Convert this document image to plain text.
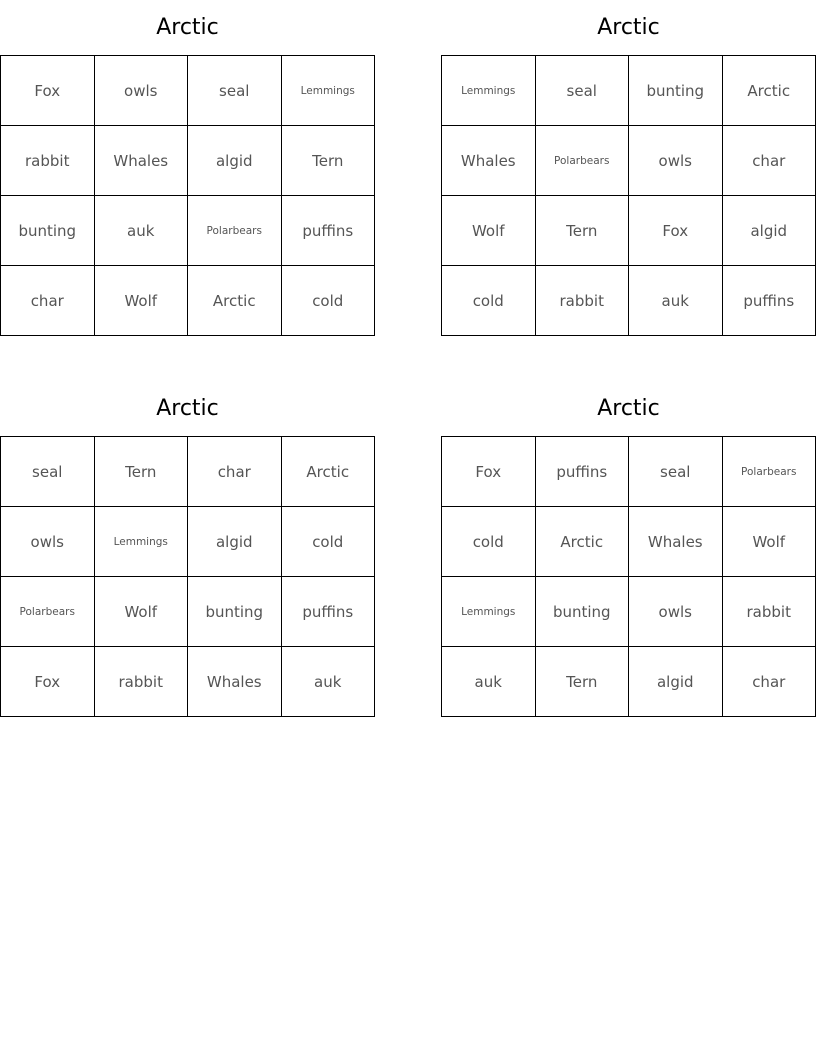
Arctic
Fox	owls	seal	Lemmings
rabbit	Whales	algid	Tern
bunting	auk	Polarbears	puffins
char	Wolf	Arctic	cold
Arctic
Lemmings	seal	bunting	Arctic
Whales	Polarbears	owls	char
Wolf	Tern	Fox	algid
cold	rabbit	auk	puffins
Arctic
seal	Tern	char	Arctic
owls	Lemmings	algid	cold
Polarbears	Wolf	bunting	puffins
Fox	rabbit	Whales	auk
Arctic
Fox	puffins	seal	Polarbears
cold	Arctic	Whales	Wolf
Lemmings	bunting	owls	rabbit
auk	Tern	algid	char
